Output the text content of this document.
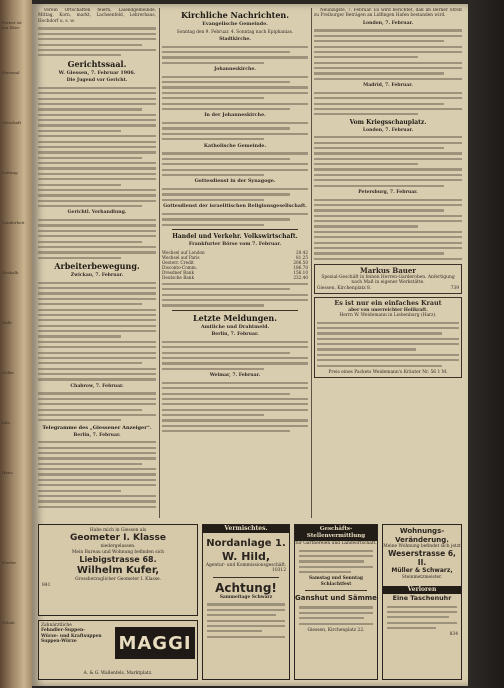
Ferner ist ein Eber
Personal
Ortschaft
Leitung
Sonderheit
Deshalb
Halb
Gelbe
Kilo
Haus
Nieder
Schuh

verein Ortschaften feiern, Laiendgemeinde, Mittag, Korn, markt, Lachsenfeld, Lehrerhaus, Hochdorf u. s. w.

Gerichtssaal.
W. Giessen, 7. Februar 1906.
Die Jugend vor Gericht.
Gerichtl. Verhandlung.
Arbeiterbewegung.
Zwickau, 7. Februar.
Chabrow, 7. Februar.
Telegramme des „Giessener Anzeiger“.
Berlin, 7. Februar.
Kirchliche Nachrichten.
Evangelische Gemeinde.

Sonntag den 9. Februar. 4. Sonntag nach Epiphanias.

Stadtkirche.
Johanneskirche.
In der Johanneskirche.
Katholische Gemeinde.
Gottesdienst in der Synagoge.
Gottesdienst der israelitischen Religionsgesellschaft.
Handel und Verkehr. Volkswirtschaft.
Frankfurter Börse vom 7. Februar.
Wechsel auf London	20.42
Wechsel auf Paris	81.25
Oesterr. Credit	206.50
Disconto-Comm.	186.70
Dresdner Bank	156.10
Deutsche Bank	232.40
Letzte Meldungen.
Amtliche und Drahtmeld.
Berlin, 7. Februar.
Weimar, 7. Februar.

Neunzigste, 7. Februar. Es wird berichtet, daß im Berner Streit zu Freiburger Beträgen an Lidfingen Hafen bestanden wird.

London, 7. Februar.
Madrid, 7. Februar.
Vom Kriegsschauplatz.
London, 7. Februar.
Petersburg, 7. Februar.
Markus Bauer
Spezial-Geschäft in feinen Herren-Garderoben. Anfertigung nach Maß in eigener Werkstätte.
Giessen, Kirchenplatz 8.	739
Es ist nur ein einfaches Kraut
aber von unerreichter Heilkraft.
Herrn W. Weidemann in Liebenburg (Harz).
Preis eines Packets Weidemann's Kräuter Nr. 56 1 M.
Habe mich in Giessen als
Geometer I. Klasse
niedergelassen.
Mein Bureau und Wohnung befinden sich
Liebigstrasse 68.
Wilhelm Kufer,
Grossherzoglicher Geometer I. Klasse.
841
Zahnärztliche
Fehndler-Suppen-
Würze- und Kraftsuppen
Suppen-Würze	MAGGI
A. & G. Wallenfels, Marktplatz.
Vermischtes.
Nordanlage 1.
W. Hild,
Agentur- und Kommissionsgeschäft.
10312
Achtung!
Sammeltage Schwarz
Geschäfts- Stellenvermittlung
für Gärtnereien und Landwirtschaft.
Samstag und Sonntag Schlachtfest
Ganshut und Sämme
Giessen, Kirchenplatz 22.
Wohnungs- Veränderung.
Meine Wohnung befindet sich jetzt
Weserstrasse 6, II.
Müller & Schwarz,
Steinmetzmeister.
Verloren
Eine Taschenuhr
834
